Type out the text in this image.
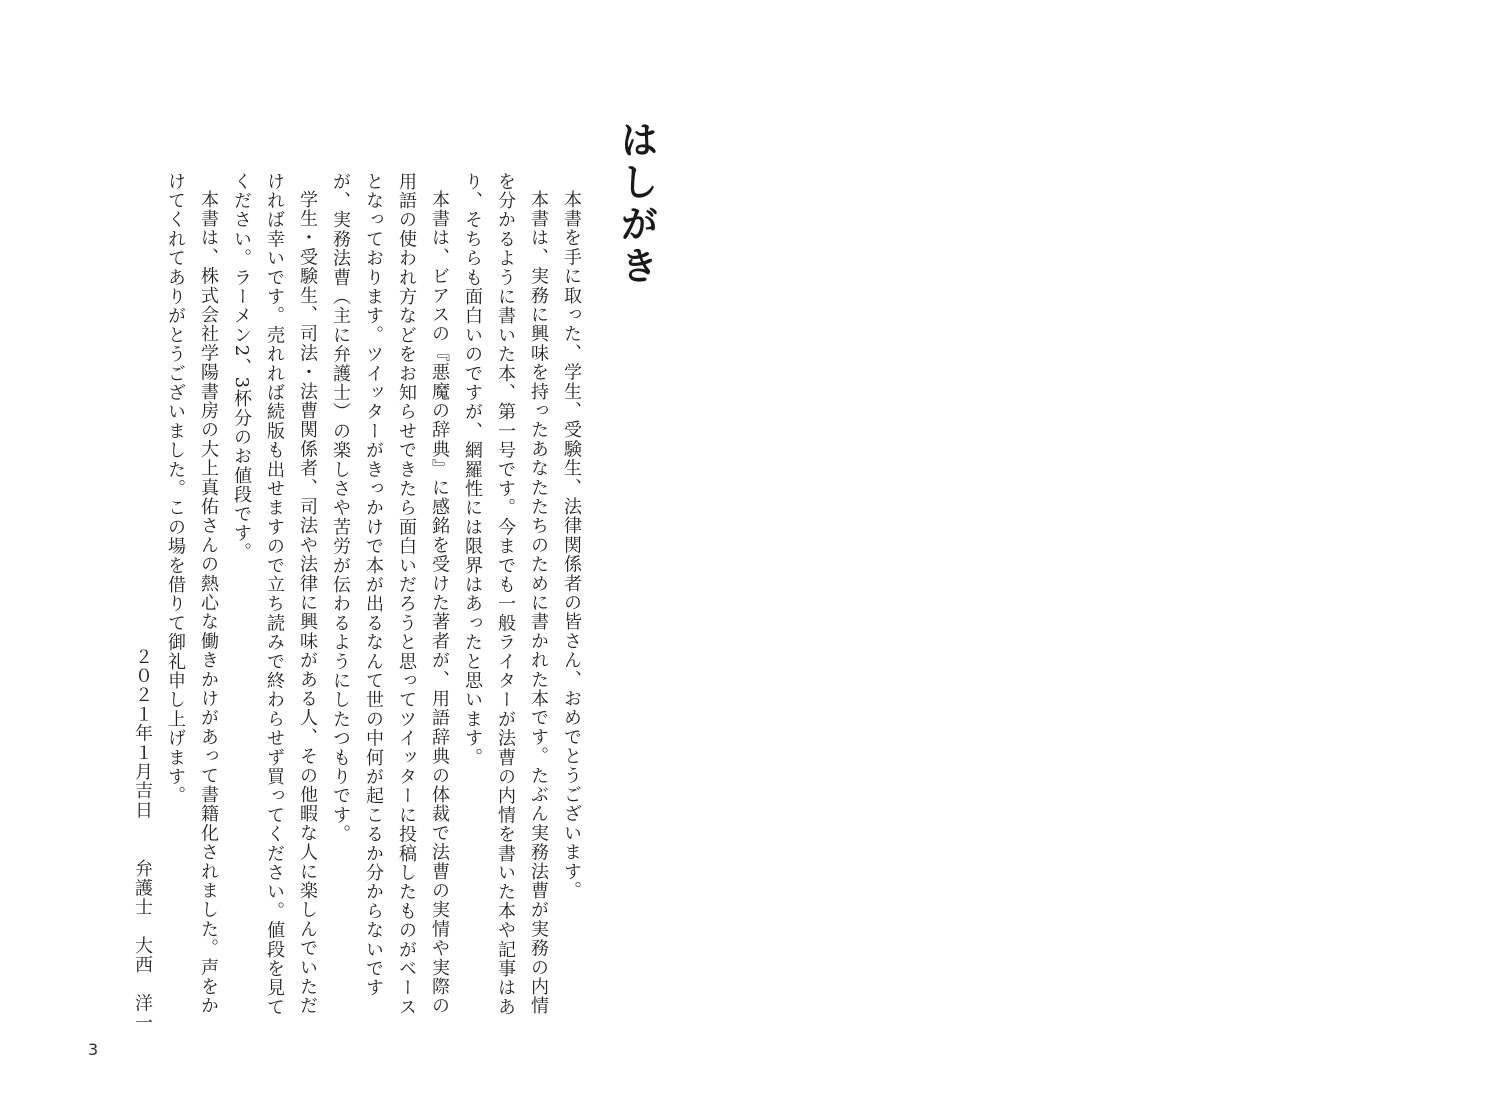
はしがき

本書を手に取った、学生、受験生、法律関係者の皆さん、おめでとうございます。

本書は、実務に興味を持ったあなたたちのために書かれた本です。たぶん実務法曹が実務の内情を分かるように書いた本、第一号です。今までも一般ライターが法曹の内情を書いた本や記事はあり、そちらも面白いのですが、網羅性には限界はあったと思います。

本書は、ビアスの『悪魔の辞典』に感銘を受けた著者が、用語辞典の体裁で法曹の実情や実際の用語の使われ方などをお知らせできたら面白いだろうと思ってツイッターに投稿したものがベースとなっております。ツイッターがきっかけで本が出るなんて世の中何が起こるか分からないですが、実務法曹（主に弁護士）の楽しさや苦労が伝わるようにしたつもりです。

学生・受験生、司法・法曹関係者、司法や法律に興味がある人、その他暇な人に楽しんでいただければ幸いです。売れれば続版も出せますので立ち読みで終わらせず買ってください。値段を見てください。ラーメン2、3杯分のお値段です。

本書は、株式会社学陽書房の大上真佑さんの熱心な働きかけがあって書籍化されました。声をかけてくれてありがとうございました。この場を借りて御礼申し上げます。

２０２１年１月吉日弁護士　大西　洋一
3
